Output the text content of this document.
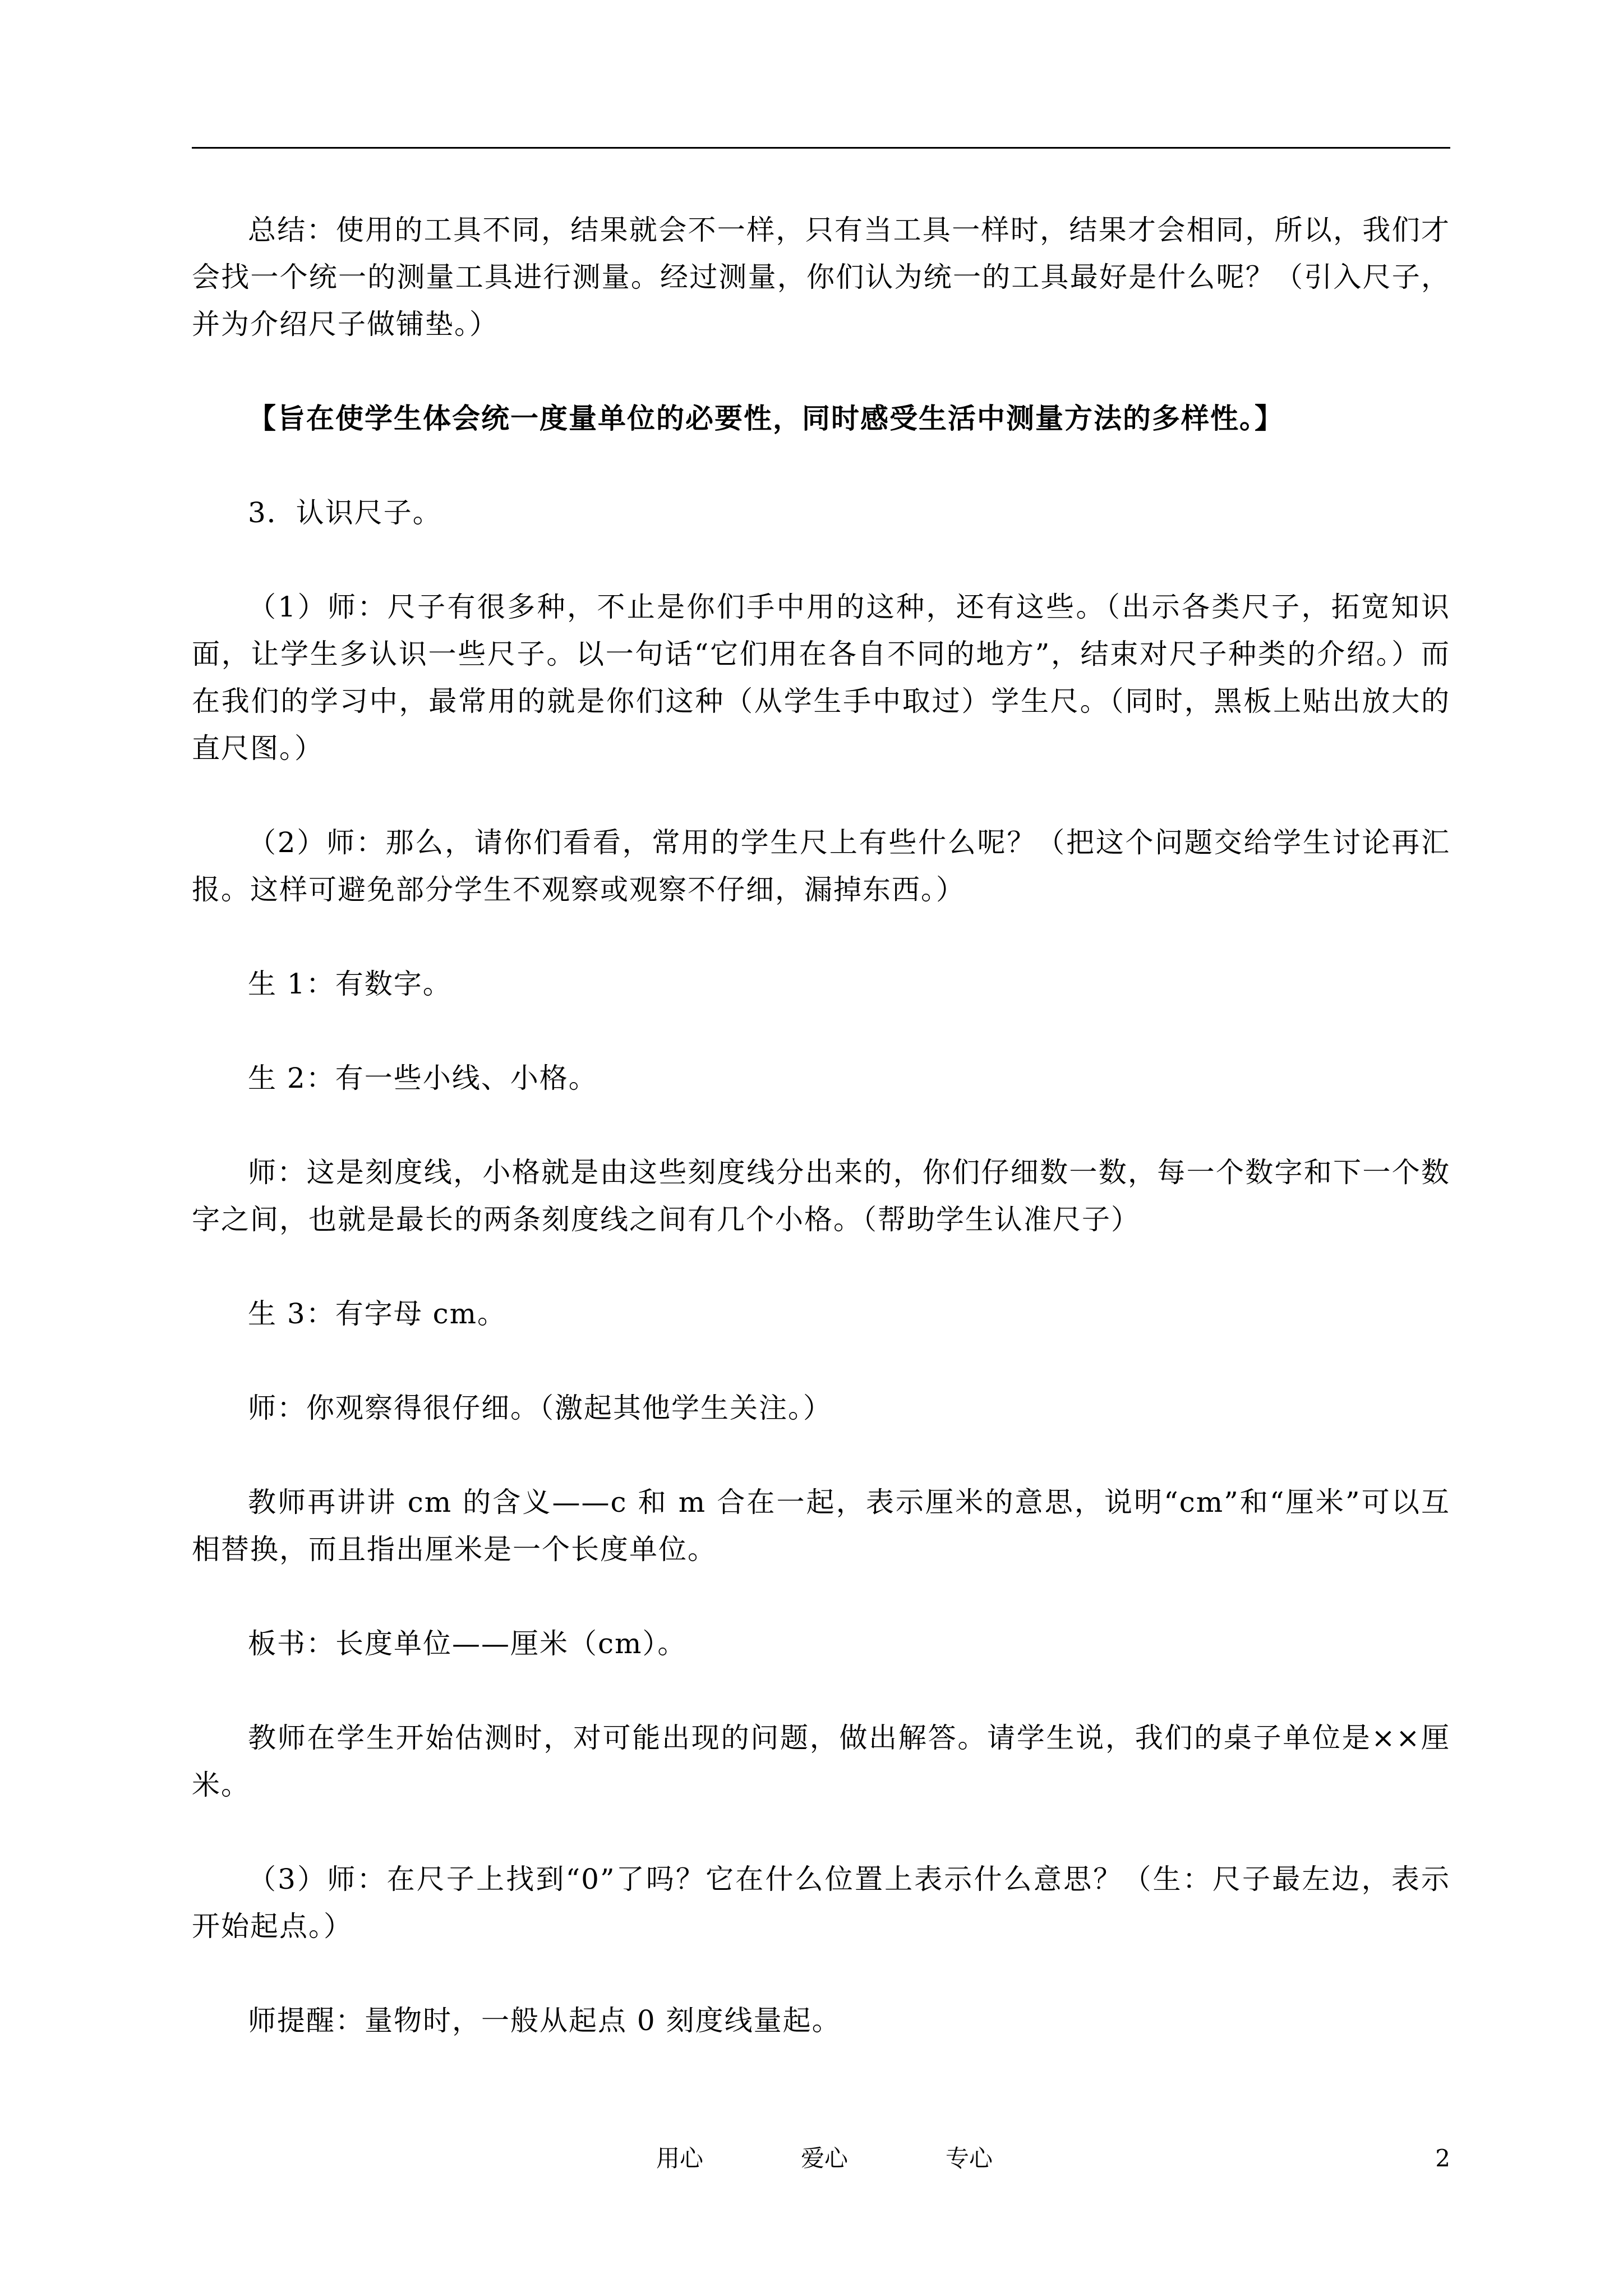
总结：使用的工具不同，结果就会不一样，只有当工具一样时，结果才会相同，所以，我们才会找一个统一的测量工具进行测量。经过测量，你们认为统一的工具最好是什么呢？（引入尺子，并为介绍尺子做铺垫。）

【旨在使学生体会统一度量单位的必要性，同时感受生活中测量方法的多样性。】

3．认识尺子。

（1）师：尺子有很多种，不止是你们手中用的这种，还有这些。（出示各类尺子，拓宽知识面，让学生多认识一些尺子。以一句话“它们用在各自不同的地方”，结束对尺子种类的介绍。）而在我们的学习中，最常用的就是你们这种（从学生手中取过）学生尺。（同时，黑板上贴出放大的直尺图。）

（2）师：那么，请你们看看，常用的学生尺上有些什么呢？（把这个问题交给学生讨论再汇报。这样可避免部分学生不观察或观察不仔细，漏掉东西。）

生 1：有数字。

生 2：有一些小线、小格。

师：这是刻度线，小格就是由这些刻度线分出来的，你们仔细数一数，每一个数字和下一个数字之间，也就是最长的两条刻度线之间有几个小格。（帮助学生认准尺子）

生 3：有字母 cm。

师：你观察得很仔细。（激起其他学生关注。）

教师再讲讲 cm 的含义——c 和 m 合在一起，表示厘米的意思，说明“cm”和“厘米”可以互相替换，而且指出厘米是一个长度单位。

板书：长度单位——厘米（cm）。

教师在学生开始估测时，对可能出现的问题，做出解答。请学生说，我们的桌子单位是××厘米。

（3）师：在尺子上找到“0”了吗？它在什么位置上表示什么意思？（生：尺子最左边，表示开始起点。）

师提醒：量物时，一般从起点 0 刻度线量起。

用心	爱心	专心	2
